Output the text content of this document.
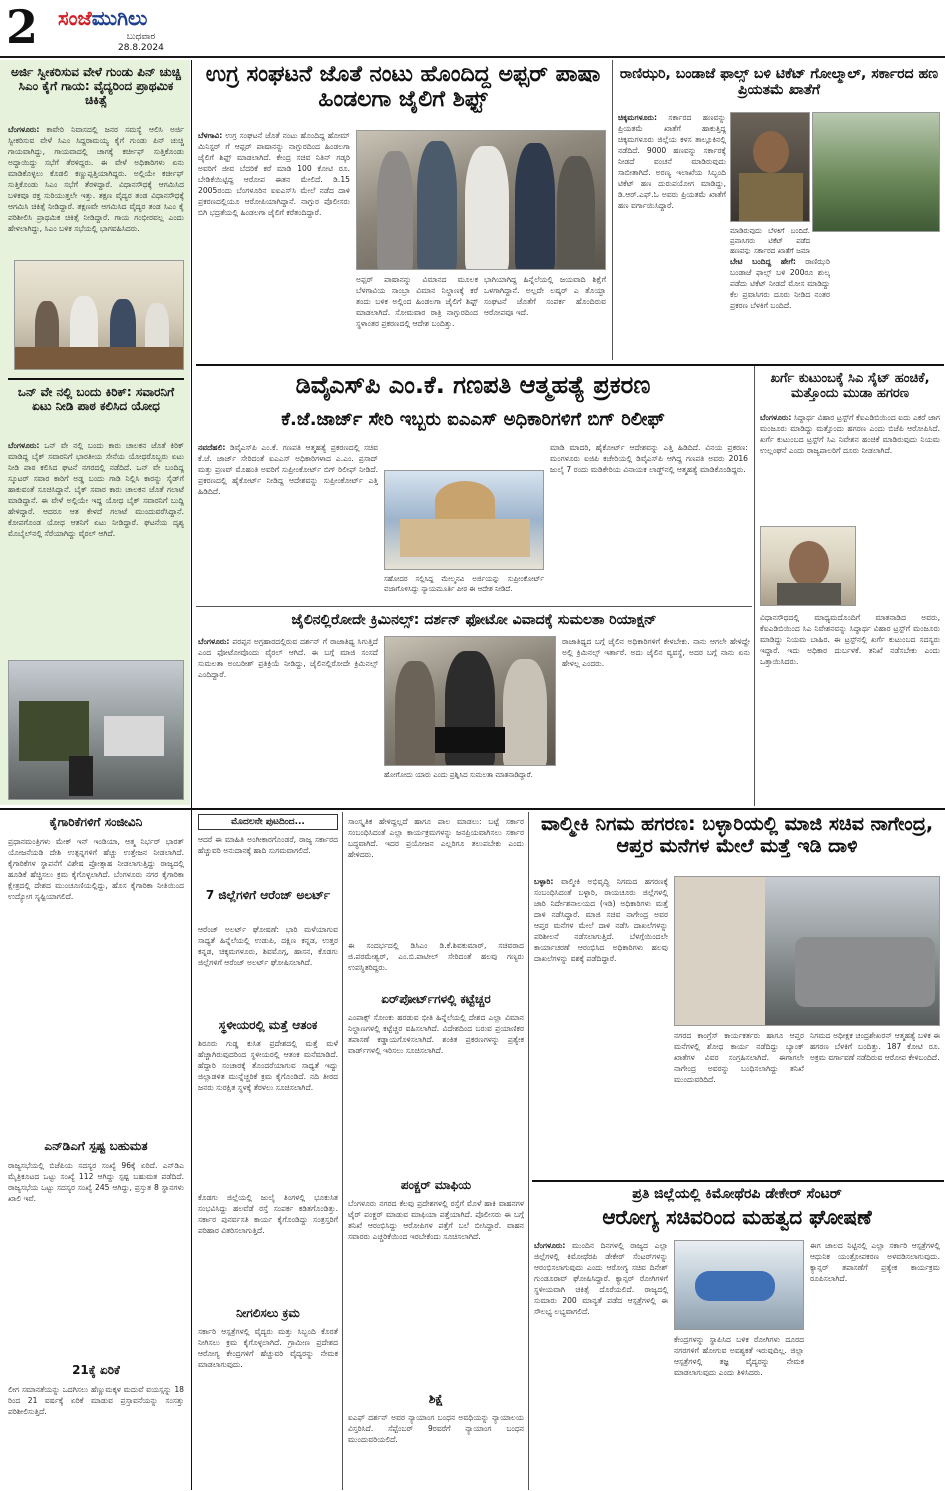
2 ಸಂಜೆಮುಗಿಲು
ಬುಧವಾರ
28.8.2024
ಅರ್ಜಿ ಸ್ವೀಕರಿಸುವ ವೇಳೆ ಗುಂಡು ಪಿನ್ ಚುಚ್ಚಿ ಸಿಎಂ ಕೈಗೆ ಗಾಯ: ವೈದ್ಯರಿಂದ ಪ್ರಾಥಮಿಕ ಚಿಕಿತ್ಸೆ
ಬೆಂಗಳೂರು: ಕಾವೇರಿ ನಿವಾಸದಲ್ಲಿ ಜನರ ಸಮಸ್ಯೆ ಆಲಿಸಿ ಅರ್ಜಿ ಸ್ವೀಕರಿಸುವ ವೇಳೆ ಸಿಎಂ ಸಿದ್ದರಾಮಯ್ಯ ಕೈಗೆ ಗುಂಡು ಪಿನ್ ಚುಚ್ಚಿ ಗಾಯವಾಗಿದ್ದು, ಗಾಯವಾದಲ್ಲಿ ಚಾಗಕ್ಕೆ ಕರ್ಚೀಫ್ ಸುತ್ತಿಕೊಂಡು ಅದ್ದಾಯಿದ್ದು ಸಭೆಗೆ ತೆರಳಿದ್ದರು. ಈ ವೇಳೆ ಅಧಿಕಾರಿಗಳು ಏನು ಮಾಡಿಕೊಳ್ಳಲು ಕೊಡಲಿ ಕಣ್ಣುಪ್ಪತ್ತಿಯಾಗಿದ್ದರು. ಅಲ್ಲಿಯೇ ಕರ್ಚೀಫ್ ಸುತ್ತಿಕೊಂಡು ಸಿಎಂ ಸಭೆಗೆ ತೆರಳಿದ್ದಾರೆ. ವಿಧಾನಸೌಧಕ್ಕೆ ಆಗಮಿಸಿದ ಬಳಿಕವೂ ರಕ್ತ ಸುರಿಯುತ್ತಲೇ ಇತ್ತು. ತಕ್ಷಣ ವೈದ್ಯರ ತಂಡ ವಿಧಾನಸೌಧಕ್ಕೆ ಆಗಮಿಸಿ ಚಿಕಿತ್ಸೆ ನೀಡಿದ್ದಾರೆ. ತಕ್ಷಣವೇ ಆಗಮಿಸಿದ ವೈದ್ಯರ ತಂಡ ಸಿಎಂ ಕೈ ಪರಿಶೀಲಿಸಿ ಪ್ರಾಥಮಿಕ ಚಿಕಿತ್ಸೆ ನೀಡಿದ್ದಾರೆ. ಗಾಯ ಗಂಭೀರವಲ್ಲ ಎಂದು ಹೇಳಲಾಗಿದ್ದು, ಸಿಎಂ ಬಳಿಕ ಸಭೆಯಲ್ಲಿ ಭಾಗವಹಿಸಿದರು.
ಒನ್ ವೇ ನಲ್ಲಿ ಬಂದು ಕಿರಿಕ್: ಸವಾರನಿಗೆ ಏಟು ನೀಡಿ ಪಾಠ ಕಲಿಸಿದ ಯೋಧ
ಬೆಂಗಳೂರು: ಒನ್ ವೇ ನಲ್ಲಿ ಬಂದು ಕಾರು ಚಾಲಕನ ಜೊತೆ ಕಿರಿಕ್ ಮಾಡಿದ್ದ ಬೈಕ್ ಸವಾರನಿಗೆ ಭಾರತೀಯ ಸೇನೆಯ ಯೋಧರೊಬ್ಬರು ಏಟು ನೀಡಿ ಪಾಠ ಕಲಿಸಿದ ಘಟನೆ ನಗರದಲ್ಲಿ ನಡೆದಿದೆ. ಒನ್ ವೇ ಬಂದಿದ್ದ ಸ್ಕೂಟರ್ ಸವಾರ ಕಾರಿಗೆ ಅಡ್ಡ ಬಂದು ಗಾಡಿ ನಿಲ್ಲಿಸಿ ಕಾರನ್ನು ಸೈಡ್‌ಗೆ ಹಾಕುವಂತೆ ಸೂಚಿಸಿದ್ದಾನೆ. ಬೈಕ್ ಸವಾರ ಕಾರು ಚಾಲಕನ ಜೊತೆ ಗಲಾಟೆ ಮಾಡಿದ್ದಾನೆ. ಈ ವೇಳೆ ಅಲ್ಲಿಯೇ ಇದ್ದ ಯೋಧ ಬೈಕ್ ಸವಾರನಿಗೆ ಬುದ್ದಿ ಹೇಳಿದ್ದಾರೆ. ಆದರೂ ಆತ ಕೇಳದೆ ಗಲಾಟೆ ಮುಂದುವರೆಸಿದ್ದಾನೆ. ಕೋಪಗೊಂಡ ಯೋಧ ಆತನಿಗೆ ಏಟು ನೀಡಿದ್ದಾರೆ. ಘಟನೆಯ ದೃಶ್ಯ ಮೊಬೈಲ್‌ನಲ್ಲಿ ಸೆರೆಯಾಗಿದ್ದು ವೈರಲ್ ಆಗಿದೆ.
ಉಗ್ರ ಸಂಘಟನೆ ಜೊತೆ ನಂಟು ಹೊಂದಿದ್ದ ಅಫ್ಸರ್ ಪಾಷಾ ಹಿಂಡಲಗಾ ಜೈಲಿಗೆ ಶಿಫ್ಟ್
ಬೆಳಗಾವಿ: ಉಗ್ರ ಸಂಘಟನೆ ಜೊತೆ ನಂಟು ಹೊಂದಿದ್ದ ಹೋಮ್ ಮಿನಿಸ್ಟರ್ ಗೆ ಆಫ್ಸರ್ ಪಾಷಾನನ್ನು ನಾಗ್ಪುರದಿಂದ ಹಿಂಡಲಗಾ ಜೈಲಿಗೆ ಶಿಫ್ಟ್ ಮಾಡಲಾಗಿದೆ. ಕೇಂದ್ರ ಸಚಿವ ನಿತಿನ್ ಗಡ್ಕರಿ ಅವರಿಗೆ ಜೀವ ಬೆದರಿಕೆ ಕರೆ ಮಾಡಿ 100 ಕೋಟಿ ರೂ. ಬೇಡಿಕೆಯಿಟ್ಟಿದ್ದ ಆರೋಪ ಈತನ ಮೇಲಿದೆ. ಡಿ.15 2005ರಂದು ಬೆಂಗಳೂರಿನ ಐಐಎಸ್‌ಸಿ ಮೇಲೆ ನಡೆದ ದಾಳಿ ಪ್ರಕರಣದಲ್ಲಿಯೂ ಆರೋಪಿಯಾಗಿದ್ದಾನೆ. ನಾಗ್ಪುರ ಪೊಲೀಸರು ಬಿಗಿ ಭದ್ರತೆಯಲ್ಲಿ ಹಿಂಡಲಗಾ ಜೈಲಿಗೆ ಕರೆತಂದಿದ್ದಾರೆ.
ಅಫ್ಸರ್ ಪಾಷಾನನ್ನು ವಿಮಾನದ ಮೂಲಕ ಬೆಳಗಾವಿಯ ಸಾಂಬ್ರಾ ವಿಮಾನ ನಿಲ್ದಾಣಕ್ಕೆ ಕರೆ ತಂದು ಬಳಿಕ ಅಲ್ಲಿಂದ ಹಿಂಡಲಗಾ ಜೈಲಿಗೆ ಶಿಫ್ಟ್ ಮಾಡಲಾಗಿದೆ. ಸೋಮವಾರ ರಾತ್ರಿ ನಾಗ್ಪುರದಿಂದ ಸ್ಥಳಾಂತರ ಪ್ರಕರಣದಲ್ಲಿ ಆದೇಶ ಬಂದಿತ್ತು.
ಭಾಗಿಯಾಗಿದ್ದ ಹಿನ್ನೆಲೆಯಲ್ಲಿ ಜಯವಾದಿ ಶಿಕ್ಷೆಗೆ ಒಳಗಾಗಿದ್ದಾನೆ. ಅಲ್ಲದೇ ಲಷ್ಕರ್ ಎ ತೊಯ್ಬಾ ಸಂಘಟನೆ ಜೊತೆಗೆ ಸಂಪರ್ಕ ಹೊಂದಿರುವ ಆರೋಪವೂ ಇದೆ.
ರಾಣಿಝರಿ, ಬಂಡಾಜೆ ಫಾಲ್ಸ್ ಬಳಿ ಟಿಕೆಟ್ ಗೋಲ್ಮಾಲ್, ಸರ್ಕಾರದ ಹಣ ಪ್ರಿಯತಮೆ ಖಾತೆಗೆ
ಚಿಕ್ಕಮಗಳೂರು: ಸರ್ಕಾರದ ಹಣವನ್ನು ಪ್ರಿಯತಮೆ ಖಾತೆಗೆ ಹಾಕುತ್ತಿದ್ದ ಚಿಕ್ಕಮಗಳೂರು ಜಿಲ್ಲೆಯ ಕಳಸ ತಾಲ್ಲೂಕಿನಲ್ಲಿ ನಡೆದಿದೆ. 9000 ಹಣವನ್ನು ಸರ್ಕಾರಕ್ಕೆ ನೀಡದೆ ವಂಚನೆ ಮಾಡಿರುವುದು ಸಾಬೀತಾಗಿದೆ. ಅರಣ್ಯ ಇಲಾಖೆಯ ಸಿಬ್ಬಂದಿ ಟಿಕೆಟ್ ಹಣ ದುರುಪಯೋಗ ಮಾಡಿದ್ದು, ಡಿ.ಆರ್.ಎಫ್.ಓ ಅವರು ಪ್ರಿಯತಮೆ ಖಾತೆಗೆ ಹಣ ವರ್ಗಾಯಿಸಿದ್ದಾರೆ.
ಮಾಡಿರುವುದು ಬೆಳಕಿಗೆ ಬಂದಿದೆ. ಪ್ರವಾಸಿಗರು ಟಿಕೆಟ್ ಪಡೆದ ಹಣವನ್ನು ಸರ್ಕಾರದ ಖಾತೆಗೆ ಜಮಾ
ಬೇಟಿ ಬಂದಿದ್ದ ಹೇಗೆ: ರಾಣಿಝರಿ ಬಂಡಾಜೆ ಫಾಲ್ಸ್ ಬಳಿ 200ರೂ ಶುಲ್ಕ ಪಡೆದು ಟಿಕೆಟ್ ನೀಡದೆ ಮೋಸ ಮಾಡಿದ್ದು ಕೆಲ ಪ್ರವಾಸಿಗರು ದೂರು ನೀಡಿದ ನಂತರ ಪ್ರಕರಣ ಬೆಳಕಿಗೆ ಬಂದಿದೆ.
ಡಿವೈಎಸ್‌ಪಿ ಎಂ.ಕೆ. ಗಣಪತಿ ಆತ್ಮಹತ್ಯೆ ಪ್ರಕರಣ
ಕೆ.ಜೆ.ಜಾರ್ಜ್ ಸೇರಿ ಇಬ್ಬರು ಐಎಎಸ್ ಅಧಿಕಾರಿಗಳಿಗೆ ಬಿಗ್ ರಿಲೀಫ್
ನವದೆಹಲಿ: ಡಿವೈಎಸ್‌ಪಿ ಎಂ.ಕೆ. ಗಣಪತಿ ಆತ್ಮಹತ್ಯೆ ಪ್ರಕರಣದಲ್ಲಿ ಸಚಿವ ಕೆ.ಜೆ. ಜಾರ್ಜ್ ಸೇರಿದಂತೆ ಐಎಎಸ್ ಅಧಿಕಾರಿಗಳಾದ ಎ.ಎಂ. ಪ್ರಸಾದ್ ಮತ್ತು ಪ್ರಣವ್ ಮೊಹಂತಿ ಅವರಿಗೆ ಸುಪ್ರೀಂಕೋರ್ಟ್ ಬಿಗ್ ರಿಲೀಫ್ ನೀಡಿದೆ. ಪ್ರಕರಣದಲ್ಲಿ ಹೈಕೋರ್ಟ್ ನೀಡಿದ್ದ ಆದೇಶವನ್ನು ಸುಪ್ರೀಂಕೋರ್ಟ್ ಎತ್ತಿ ಹಿಡಿದಿದೆ.
ಸಹೋದರ ಸಲ್ಲಿಸಿದ್ದ ಮೇಲ್ಮನವಿ ಅರ್ಜಿಯನ್ನು ಸುಪ್ರೀಂಕೋರ್ಟ್ ವಜಾಗೊಳಿಸಿದ್ದು ನ್ಯಾಯಮೂರ್ತಿ ಪೀಠ ಈ ಆದೇಶ ನೀಡಿದೆ.
ಮಾಡಿ ಮಾದರಿ, ಹೈಕೋರ್ಟ್ ಆದೇಶವನ್ನು ಎತ್ತಿ ಹಿಡಿದಿದೆ. ವಿನಯ ಪ್ರಕರಣ: ಮಂಗಳೂರು ಐಜಿಪಿ ಕಚೇರಿಯಲ್ಲಿ ಡಿವೈಎಸ್‌ಪಿ ಆಗಿದ್ದ ಗಣಪತಿ ಅವರು 2016 ಜುಲೈ 7 ರಂದು ಮಡಿಕೇರಿಯ ವಿನಾಯಕ ಲಾಡ್ಜ್‌ನಲ್ಲಿ ಆತ್ಮಹತ್ಯೆ ಮಾಡಿಕೊಂಡಿದ್ದರು.
ಖರ್ಗೆ ಕುಟುಂಬಕ್ಕೆ ಸಿಎ ಸೈಟ್ ಹಂಚಿಕೆ, ಮತ್ತೊಂದು ಮುಡಾ ಹಗರಣ
ಬೆಂಗಳೂರು: ಸಿದ್ಧಾರ್ಥ ವಿಹಾರ ಟ್ರಸ್ಟ್‌ಗೆ ಕೆಐಎಡಿಬಿಯಿಂದ ಐದು ಎಕರೆ ಜಾಗ ಮಂಜೂರು ಮಾಡಿದ್ದು ಮತ್ತೊಂದು ಹಗರಣ ಎಂದು ಬಿಜೆಪಿ ಆರೋಪಿಸಿದೆ. ಖರ್ಗೆ ಕುಟುಂಬದ ಟ್ರಸ್ಟ್‌ಗೆ ಸಿಎ ನಿವೇಶನ ಹಂಚಿಕೆ ಮಾಡಿರುವುದು ನಿಯಮ ಉಲ್ಲಂಘನೆ ಎಂದು ರಾಜ್ಯಪಾಲರಿಗೆ ದೂರು ನೀಡಲಾಗಿದೆ.
ವಿಧಾನಸೌಧದಲ್ಲಿ ಮಾಧ್ಯಮದೊಂದಿಗೆ ಮಾತನಾಡಿದ ಅವರು, ಕೆಐಎಡಿಬಿಯಿಂದ ಸಿಎ ನಿವೇಶನವನ್ನು ಸಿದ್ಧಾರ್ಥ ವಿಹಾರ ಟ್ರಸ್ಟ್‌ಗೆ ಮಂಜೂರು ಮಾಡಿದ್ದು ನಿಯಮ ಬಾಹಿರ. ಈ ಟ್ರಸ್ಟ್‌ನಲ್ಲಿ ಖರ್ಗೆ ಕುಟುಂಬದ ಸದಸ್ಯರು ಇದ್ದಾರೆ. ಇದು ಅಧಿಕಾರ ದುರ್ಬಳಕೆ. ತನಿಖೆ ನಡೆಸಬೇಕು ಎಂದು ಒತ್ತಾಯಿಸಿದರು.
ಜೈಲಿನಲ್ಲಿರೋದೇ ಕ್ರಿಮಿನಲ್ಸ್: ದರ್ಶನ್ ಫೋಟೋ ವಿವಾದಕ್ಕೆ ಸುಮಲತಾ ರಿಯಾಕ್ಷನ್
ಬೆಂಗಳೂರು: ಪರಪ್ಪನ ಅಗ್ರಹಾರದಲ್ಲಿರುವ ದರ್ಶನ್ ಗೆ ರಾಜಾತಿಥ್ಯ ಸಿಗುತ್ತಿದೆ ಎಂದ ಫೋಟೋವೊಂದು ವೈರಲ್ ಆಗಿದೆ. ಈ ಬಗ್ಗೆ ಮಾಜಿ ಸಂಸದೆ ಸುಮಲತಾ ಅಂಬರೀಶ್ ಪ್ರತಿಕ್ರಿಯೆ ನೀಡಿದ್ದು, ಜೈಲಿನಲ್ಲಿರೋದೇ ಕ್ರಿಮಿನಲ್ಸ್ ಎಂದಿದ್ದಾರೆ.
ಹೋಗೋದು ಯಾರು ಎಂದು ಪ್ರಶ್ನಿಸಿದ ಸುಮಲತಾ ಮಾತನಾಡಿದ್ದಾರೆ.
ರಾಜಾತಿಥ್ಯದ ಬಗ್ಗೆ ಜೈಲಿನ ಅಧಿಕಾರಿಗಳಿಗೆ ಕೇಳಬೇಕು. ನಾನು ಆಗಲೇ ಹೇಳಿದ್ದೇ ಅಲ್ಲಿ ಕ್ರಿಮಿನಲ್ಸ್ ಇರ್ತಾರೆ. ಅದು ಜೈಲಿನ ವ್ಯವಸ್ಥೆ, ಅದರ ಬಗ್ಗೆ ನಾನು ಏನು ಹೇಳಲ್ಲ ಎಂದರು.
ಕೈಗಾರಿಕೆಗಳಿಗೆ ಸಂಜೀವಿನಿ
ಪ್ರಧಾನಮಂತ್ರಿಗಳು ಮೇಕ್ ಇನ್ ಇಂಡಿಯಾ, ಆತ್ಮ ನಿರ್ಭರ್ ಭಾರತ್ ಯೋಜನೆಯಡಿ ದೇಶಿ ಉತ್ಪನ್ನಗಳಿಗೆ ಹೆಚ್ಚು ಉತ್ತೇಜನ ನೀಡಲಾಗಿದೆ. ಕೈಗಾರಿಕೆಗಳ ಸ್ಥಾಪನೆಗೆ ವಿಶೇಷ ಪ್ರೋತ್ಸಾಹ ನೀಡಲಾಗುತ್ತಿದ್ದು ರಾಜ್ಯದಲ್ಲಿ ಹೂಡಿಕೆ ಹೆಚ್ಚಿಸಲು ಕ್ರಮ ಕೈಗೊಳ್ಳಲಾಗಿದೆ. ಬೆಂಗಳೂರು ನಗರ ಕೈಗಾರಿಕಾ ಕ್ಷೇತ್ರದಲ್ಲಿ ದೇಶದ ಮುಂಚೂಣಿಯಲ್ಲಿದ್ದು, ಹೊಸ ಕೈಗಾರಿಕಾ ನೀತಿಯಿಂದ ಉದ್ಯೋಗ ಸೃಷ್ಟಿಯಾಗಲಿದೆ.
ಎನ್‌ಡಿಎಗೆ ಸ್ಪಷ್ಟ ಬಹುಮತ
ರಾಜ್ಯಸಭೆಯಲ್ಲಿ ಬಿಜೆಪಿಯ ಸದಸ್ಯರ ಸಂಖ್ಯೆ 96ಕ್ಕೆ ಏರಿದೆ. ಎನ್‌ಡಿಎ ಮೈತ್ರಿಕೂಟದ ಒಟ್ಟು ಸಂಖ್ಯೆ 112 ಆಗಿದ್ದು ಸ್ಪಷ್ಟ ಬಹುಮತ ಪಡೆದಿದೆ. ರಾಜ್ಯಸಭೆಯ ಒಟ್ಟು ಸದಸ್ಯರ ಸಂಖ್ಯೆ 245 ಆಗಿದ್ದು, ಪ್ರಸ್ತುತ 8 ಸ್ಥಾನಗಳು ಖಾಲಿ ಇವೆ.
21ಕ್ಕೆ ಏರಿಕೆ
ಲೀಗ ಸಮಾನತೆಯನ್ನು ಒದಗಿಸಲು ಹೆಣ್ಣುಮಕ್ಕಳ ಮದುವೆ ವಯಸ್ಸನ್ನು 18 ರಿಂದ 21 ವರ್ಷಕ್ಕೆ ಏರಿಕೆ ಮಾಡುವ ಪ್ರಸ್ತಾವನೆಯನ್ನು ಸಂಸತ್ತು ಪರಿಶೀಲಿಸುತ್ತಿದೆ.
ಮೊದಲನೇ ಪುಟದಿಂದ...
ಆದರೆ ಈ ಮಾಹಿತಿ ಅಂಗೀಕಾರಗೊಂಡರೆ, ರಾಜ್ಯ ಸರ್ಕಾರದ ಹೆಚ್ಚುವರಿ ಅನುದಾನಕ್ಕೆ ಹಾದಿ ಸುಗಮವಾಗಲಿದೆ.
7 ಜಿಲ್ಲೆಗಳಿಗೆ ಆರೆಂಜ್ ಅಲರ್ಟ್
ಆರೆಂಜ್ ಅಲರ್ಟ್ ಘೋಷಣೆ: ಭಾರಿ ಮಳೆಯಾಗುವ ಸಾಧ್ಯತೆ ಹಿನ್ನೆಲೆಯಲ್ಲಿ ಉಡುಪಿ, ದಕ್ಷಿಣ ಕನ್ನಡ, ಉತ್ತರ ಕನ್ನಡ, ಚಿಕ್ಕಮಗಳೂರು, ಶಿವಮೊಗ್ಗ, ಹಾಸನ, ಕೊಡಗು ಜಿಲ್ಲೆಗಳಿಗೆ ಆರೆಂಜ್ ಅಲರ್ಟ್ ಘೋಷಿಸಲಾಗಿದೆ.
ಸ್ಥಳೀಯರಲ್ಲಿ ಮತ್ತೆ ಆತಂಕ
ಶಿರೂರು ಗುಡ್ಡ ಕುಸಿತ ಪ್ರದೇಶದಲ್ಲಿ ಮತ್ತೆ ಮಳೆ ಹೆಚ್ಚಾಗಿರುವುದರಿಂದ ಸ್ಥಳೀಯರಲ್ಲಿ ಆತಂಕ ಮನೆಮಾಡಿದೆ. ಹೆದ್ದಾರಿ ಸಂಚಾರಕ್ಕೆ ತೊಂದರೆಯಾಗುವ ಸಾಧ್ಯತೆ ಇದ್ದು ಜಿಲ್ಲಾಡಳಿತ ಮುನ್ನೆಚ್ಚರಿಕೆ ಕ್ರಮ ಕೈಗೊಂಡಿದೆ. ನದಿ ತೀರದ ಜನರು ಸುರಕ್ಷಿತ ಸ್ಥಳಕ್ಕೆ ತೆರಳಲು ಸೂಚಿಸಲಾಗಿದೆ.
ಕೊಡಗು ಜಿಲ್ಲೆಯಲ್ಲಿ ಜುಲೈ ತಿಂಗಳಲ್ಲಿ ಭೂಕುಸಿತ ಸಂಭವಿಸಿದ್ದು ಹಲವೆಡೆ ರಸ್ತೆ ಸಂಪರ್ಕ ಕಡಿತಗೊಂಡಿತ್ತು. ಸರ್ಕಾರ ಪುನರ್ವಸತಿ ಕಾರ್ಯ ಕೈಗೊಂಡಿದ್ದು ಸಂತ್ರಸ್ತರಿಗೆ ಪರಿಹಾರ ವಿತರಿಸಲಾಗುತ್ತಿದೆ.
ನೀಗಲಿಸಲು ಕ್ರಮ
ಸರ್ಕಾರಿ ಆಸ್ಪತ್ರೆಗಳಲ್ಲಿ ವೈದ್ಯರು ಮತ್ತು ಸಿಬ್ಬಂದಿ ಕೊರತೆ ನೀಗಿಸಲು ಕ್ರಮ ಕೈಗೊಳ್ಳಲಾಗಿದೆ. ಗ್ರಾಮೀಣ ಪ್ರದೇಶದ ಆರೋಗ್ಯ ಕೇಂದ್ರಗಳಿಗೆ ಹೆಚ್ಚುವರಿ ವೈದ್ಯರನ್ನು ನೇಮಕ ಮಾಡಲಾಗುವುದು.
ಸಾಂಸ್ಕೃತಿಕ ಹೇಳಿದ್ದಲ್ಲದೆ ಹಾಗೂ ಪಾಲ ಮಾಡಲು: ಬಟ್ಟೆ ಸರ್ಕಾರ ಸಂಬಂಧಿಸಿದಂತೆ ಎಲ್ಲಾ ಕಾರ್ಯಕ್ರಮಗಳನ್ನು ಜನಪ್ರಿಯವಾಗಿಸಲು ಸರ್ಕಾರ ಬದ್ಧವಾಗಿದೆ. ಇದರ ಪ್ರಯೋಜನ ಎಲ್ಲರಿಗೂ ತಲುಪಬೇಕು ಎಂದು ಹೇಳಿದರು.
ಈ ಸಂದರ್ಭದಲ್ಲಿ ಡಿಸಿಎಂ ಡಿ.ಕೆ.ಶಿವಕುಮಾರ್, ಸಚಿವರಾದ ಜಿ.ಪರಮೇಶ್ವರ್, ಎಂ.ಬಿ.ಪಾಟೀಲ್ ಸೇರಿದಂತೆ ಹಲವು ಗಣ್ಯರು ಉಪಸ್ಥಿತರಿದ್ದರು.
ಏರ್‌ಪೋರ್ಟ್‌ಗಳಲ್ಲಿ ಕಟ್ಟೆಚ್ಚರ
ಎಂಪಾಕ್ಸ್ ಸೋಂಕು ಹರಡುವ ಭೀತಿ ಹಿನ್ನೆಲೆಯಲ್ಲಿ ದೇಶದ ಎಲ್ಲಾ ವಿಮಾನ ನಿಲ್ದಾಣಗಳಲ್ಲಿ ಕಟ್ಟೆಚ್ಚರ ವಹಿಸಲಾಗಿದೆ. ವಿದೇಶದಿಂದ ಬರುವ ಪ್ರಯಾಣಿಕರ ತಪಾಸಣೆ ಕಡ್ಡಾಯಗೊಳಿಸಲಾಗಿದೆ. ಶಂಕಿತ ಪ್ರಕರಣಗಳನ್ನು ಪ್ರತ್ಯೇಕ ವಾರ್ಡ್‌ಗಳಲ್ಲಿ ಇರಿಸಲು ಸೂಚಿಸಲಾಗಿದೆ.
ಪಂಕ್ಚರ್ ಮಾಫಿಯ
ಬೆಂಗಳೂರು ನಗರದ ಕೆಲವು ಪ್ರದೇಶಗಳಲ್ಲಿ ರಸ್ತೆಗೆ ಮೊಳೆ ಹಾಕಿ ವಾಹನಗಳ ಟೈರ್ ಪಂಕ್ಚರ್ ಮಾಡುವ ಮಾಫಿಯಾ ಪತ್ತೆಯಾಗಿದೆ. ಪೊಲೀಸರು ಈ ಬಗ್ಗೆ ತನಿಖೆ ಆರಂಭಿಸಿದ್ದು ಆರೋಪಿಗಳ ಪತ್ತೆಗೆ ಬಲೆ ಬೀಸಿದ್ದಾರೆ. ವಾಹನ ಸವಾರರು ಎಚ್ಚರಿಕೆಯಿಂದ ಇರಬೇಕೆಂದು ಸೂಚಿಸಲಾಗಿದೆ.
ಶಿಕ್ಷೆ
ಐಎಫ್ ದರ್ಶನ್ ಅವರ ನ್ಯಾಯಾಂಗ ಬಂಧನ ಅವಧಿಯನ್ನು ನ್ಯಾಯಾಲಯ ವಿಸ್ತರಿಸಿದೆ. ಸೆಪ್ಟೆಂಬರ್ 9ರವರೆಗೆ ನ್ಯಾಯಾಂಗ ಬಂಧನ ಮುಂದುವರಿಯಲಿದೆ.
ವಾಲ್ಮೀಕಿ ನಿಗಮ ಹಗರಣ: ಬಳ್ಳಾರಿಯಲ್ಲಿ ಮಾಜಿ ಸಚಿವ ನಾಗೇಂದ್ರ, ಆಪ್ತರ ಮನೆಗಳ ಮೇಲೆ ಮತ್ತೆ ಇಡಿ ದಾಳಿ
ಬಳ್ಳಾರಿ: ವಾಲ್ಮೀಕಿ ಅಭಿವೃದ್ಧಿ ನಿಗಮದ ಹಗರಣಕ್ಕೆ ಸಂಬಂಧಿಸಿದಂತೆ ಬಳ್ಳಾರಿ, ರಾಯಚೂರು ಜಿಲ್ಲೆಗಳಲ್ಲಿ ಜಾರಿ ನಿರ್ದೇಶನಾಲಯದ (ಇಡಿ) ಅಧಿಕಾರಿಗಳು ಮತ್ತೆ ದಾಳಿ ನಡೆಸಿದ್ದಾರೆ. ಮಾಜಿ ಸಚಿವ ನಾಗೇಂದ್ರ ಅವರ ಆಪ್ತರ ಮನೆಗಳ ಮೇಲೆ ದಾಳಿ ನಡೆಸಿ ದಾಖಲೆಗಳನ್ನು ಪರಿಶೀಲನೆ ನಡೆಸಲಾಗುತ್ತಿದೆ. ಬೆಳಗ್ಗೆಯಿಂದಲೇ ಕಾರ್ಯಾಚರಣೆ ಆರಂಭಿಸಿದ ಅಧಿಕಾರಿಗಳು ಹಲವು ದಾಖಲೆಗಳನ್ನು ವಶಕ್ಕೆ ಪಡೆದಿದ್ದಾರೆ.
ನಗರದ ಕಾಂಗ್ರೆಸ್ ಕಾರ್ಯಕರ್ತರು ಹಾಗೂ ಆಪ್ತರ ಮನೆಗಳಲ್ಲಿ ಶೋಧ ಕಾರ್ಯ ನಡೆದಿದ್ದು ಬ್ಯಾಂಕ್ ಖಾತೆಗಳ ವಿವರ ಸಂಗ್ರಹಿಸಲಾಗಿದೆ. ಈಗಾಗಲೇ ನಾಗೇಂದ್ರ ಅವರನ್ನು ಬಂಧಿಸಲಾಗಿದ್ದು ತನಿಖೆ ಮುಂದುವರಿದಿದೆ.
ನಿಗಮದ ಅಧೀಕ್ಷಕ ಚಂದ್ರಶೇಖರನ್ ಆತ್ಮಹತ್ಯೆ ಬಳಿಕ ಈ ಹಗರಣ ಬೆಳಕಿಗೆ ಬಂದಿತ್ತು. 187 ಕೋಟಿ ರೂ. ಅಕ್ರಮ ವರ್ಗಾವಣೆ ನಡೆದಿರುವ ಆರೋಪ ಕೇಳಿಬಂದಿದೆ.
ಪ್ರತಿ ಜಿಲ್ಲೆಯಲ್ಲಿ ಕಿಮೋಥೆರಪಿ ಡೇಕೇರ್ ಸೆಂಟರ್
ಆರೋಗ್ಯ ಸಚಿವರಿಂದ ಮಹತ್ವದ ಘೋಷಣೆ
ಬೆಂಗಳೂರು: ಮುಂದಿನ ದಿನಗಳಲ್ಲಿ ರಾಜ್ಯದ ಎಲ್ಲಾ ಜಿಲ್ಲೆಗಳಲ್ಲಿ ಕಿಮೋಥೆರಪಿ ಡೇಕೇರ್ ಸೆಂಟರ್‌ಗಳನ್ನು ಆರಂಭಿಸಲಾಗುವುದು ಎಂದು ಆರೋಗ್ಯ ಸಚಿವ ದಿನೇಶ್ ಗುಂಡೂರಾವ್ ಘೋಷಿಸಿದ್ದಾರೆ. ಕ್ಯಾನ್ಸರ್ ರೋಗಿಗಳಿಗೆ ಸ್ಥಳೀಯವಾಗಿ ಚಿಕಿತ್ಸೆ ದೊರೆಯಲಿದೆ. ರಾಜ್ಯದಲ್ಲಿ ಸುಮಾರು 200 ಮಾನ್ಯತೆ ಪಡೆದ ಆಸ್ಪತ್ರೆಗಳಲ್ಲಿ ಈ ಸೌಲಭ್ಯ ಲಭ್ಯವಾಗಲಿದೆ.
ಕೇಂದ್ರಗಳನ್ನು ಸ್ಥಾಪಿಸಿದ ಬಳಿಕ ರೋಗಿಗಳು ದೂರದ ನಗರಗಳಿಗೆ ಹೋಗುವ ಅವಶ್ಯಕತೆ ಇರುವುದಿಲ್ಲ. ಜಿಲ್ಲಾ ಆಸ್ಪತ್ರೆಗಳಲ್ಲಿ ತಜ್ಞ ವೈದ್ಯರನ್ನು ನೇಮಕ ಮಾಡಲಾಗುವುದು ಎಂದು ತಿಳಿಸಿದರು.
ಈಗ ಜಾಲದ ನಿಟ್ಟಿನಲ್ಲಿ ಎಲ್ಲಾ ಸರ್ಕಾರಿ ಆಸ್ಪತ್ರೆಗಳಲ್ಲಿ ಆಧುನಿಕ ಯಂತ್ರೋಪಕರಣ ಅಳವಡಿಸಲಾಗುವುದು. ಕ್ಯಾನ್ಸರ್ ತಪಾಸಣೆಗೆ ಪ್ರತ್ಯೇಕ ಕಾರ್ಯಕ್ರಮ ರೂಪಿಸಲಾಗಿದೆ.
